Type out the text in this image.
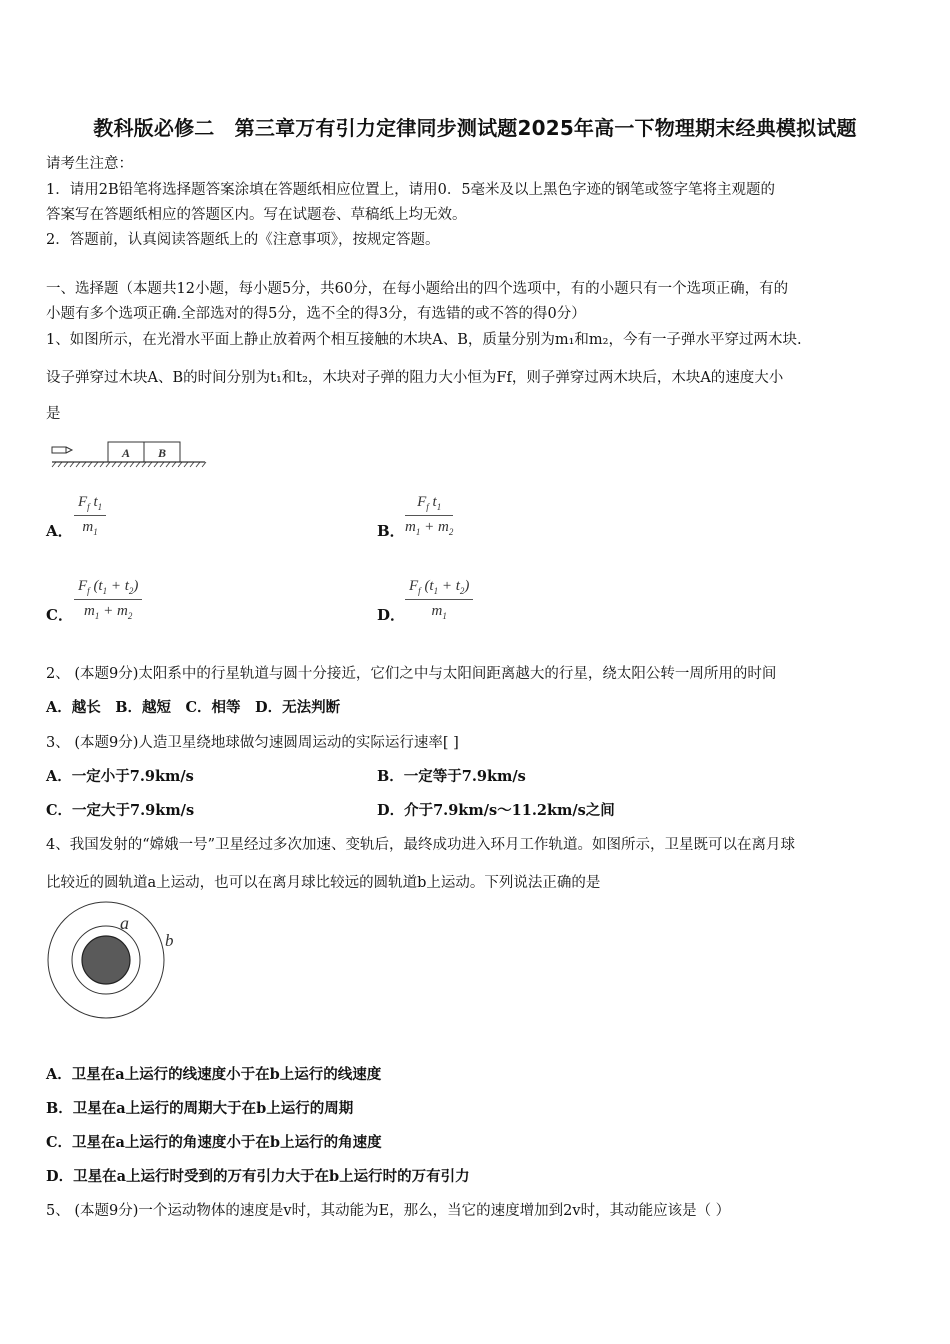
教科版必修二　第三章万有引力定律同步测试题2025年高一下物理期末经典模拟试题
请考生注意：
1．请用2B铅笔将选择题答案涂填在答题纸相应位置上，请用0．5毫米及以上黑色字迹的钢笔或签字笔将主观题的
答案写在答题纸相应的答题区内。写在试题卷、草稿纸上均无效。
2．答题前，认真阅读答题纸上的《注意事项》，按规定答题。
一、选择题（本题共12小题，每小题5分，共60分，在每小题给出的四个选项中，有的小题只有一个选项正确，有的
小题有多个选项正确.全部选对的得5分，选不全的得3分，有选错的或不答的得0分）
1、如图所示，在光滑水平面上静止放着两个相互接触的木块A、B，质量分别为m₁和m₂，今有一子弹水平穿过两木块.
设子弹穿过木块A、B的时间分别为t₁和t₂，木块对子弹的阻力大小恒为Ff，则子弹穿过两木块后，木块A的速度大小
是
A B
A．
$F_f$ $t_1$
$m_1$	B．
$F_f$ $t_1$
$m_1 + m_2$
C．
$F_f$ $(t_1 + t_2)$
$m_1 + m_2$	D．
$F_f$ $(t_1 + t_2)$
$m_1$
2、 (本题9分)太阳系中的行星轨道与圆十分接近，它们之中与太阳间距离越大的行星，绕太阳公转一周所用的时间
A．越长　B．越短　C．相等　D．无法判断
3、 (本题9分)人造卫星绕地球做匀速圆周运动的实际运行速率[ ]
A．一定小于7.9km/s	B．一定等于7.9km/s
C．一定大于7.9km/s	D．介于7.9km/s～11.2km/s之间
4、我国发射的“嫦娥一号”卫星经过多次加速、变轨后，最终成功进入环月工作轨道。如图所示，卫星既可以在离月球
比较近的圆轨道a上运动，也可以在离月球比较远的圆轨道b上运动。下列说法正确的是
a
b
A．卫星在a上运行的线速度小于在b上运行的线速度
B．卫星在a上运行的周期大于在b上运行的周期
C．卫星在a上运行的角速度小于在b上运行的角速度
D．卫星在a上运行时受到的万有引力大于在b上运行时的万有引力
5、 (本题9分)一个运动物体的速度是v时，其动能为E，那么，当它的速度增加到2v时，其动能应该是（ ）
